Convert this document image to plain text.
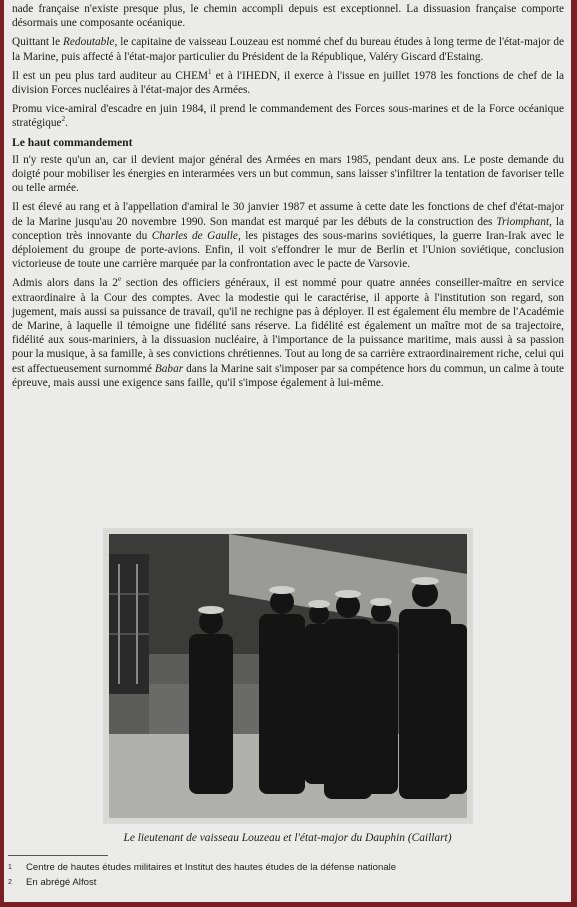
nade française n'existe presque plus, le chemin accompli depuis est exceptionnel. La dissuasion française comporte désormais une composante océanique.

Quittant le Redoutable, le capitaine de vaisseau Louzeau est nommé chef du bureau études à long terme de l'état-major de la Marine, puis affecté à l'état-major particulier du Président de la République, Valéry Giscard d'Estaing.

Il est un peu plus tard auditeur au CHEM$^1$ et à l'IHEDN, il exerce à l'issue en juillet 1978 les fonctions de chef de la division Forces nucléaires à l'état-major des Armées.

Promu vice-amiral d'escadre en juin 1984, il prend le commandement des Forces sous-marines et de la Force océanique stratégique$^2$.

Le haut commandement

Il n'y reste qu'un an, car il devient major général des Armées en mars 1985, pendant deux ans. Le poste demande du doigté pour mobiliser les énergies en interarmées vers un but commun, sans laisser s'infiltrer la tentation de favoriser telle ou telle armée.

Il est élevé au rang et à l'appellation d'amiral le 30 janvier 1987 et assume à cette date les fonctions de chef d'état-major de la Marine jusqu'au 20 novembre 1990. Son mandat est marqué par les débuts de la construction des Triomphant, la conception très innovante du Charles de Gaulle, les pistages des sous-marins soviétiques, la guerre Iran-Irak avec le déploiement du groupe de porte-avions. Enfin, il voit s'effondrer le mur de Berlin et l'Union soviétique, conclusion victorieuse de toute une carrière marquée par la confrontation avec le pacte de Varsovie.

Admis alors dans la 2e section des officiers généraux, il est nommé pour quatre années conseiller-maître en service extraordinaire à la Cour des comptes. Avec la modestie qui le caractérise, il apporte à l'institution son regard, son jugement, mais aussi sa puissance de travail, qu'il ne rechigne pas à déployer. Il est également élu membre de l'Académie de Marine, à laquelle il témoigne une fidélité sans réserve. La fidélité est également un maître mot de sa trajectoire, fidélité aux sous-mariniers, à la dissuasion nucléaire, à l'importance de la puissance maritime, mais aussi à sa passion pour la musique, à sa famille, à ses convictions chrétiennes. Tout au long de sa carrière extraordinairement riche, celui qui est affectueusement surnommé Babar dans la Marine sait s'imposer par sa compétence hors du commun, un calme à toute épreuve, mais aussi une exigence sans faille, qu'il s'impose également à lui-même.

Le lieutenant de vaisseau Louzeau et l'état-major du Dauphin (Caillart)
1 Centre de hautes études militaires et Institut des hautes études de la défense nationale
2 En abrégé Alfost
